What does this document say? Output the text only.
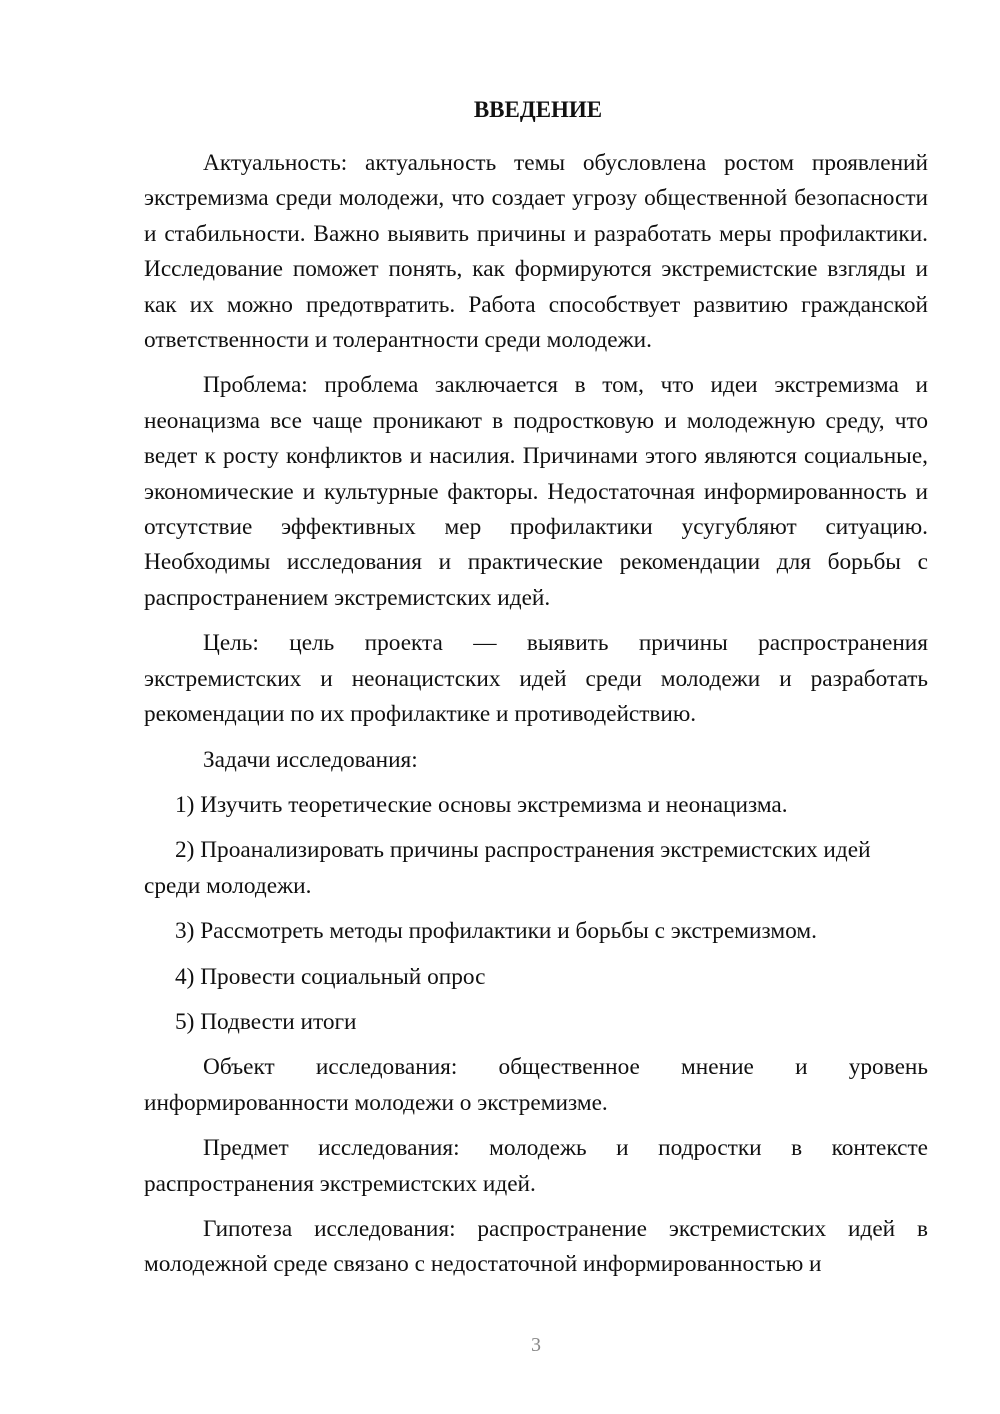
ВВЕДЕНИЕ

Актуальность: актуальность темы обусловлена ростом проявлений экстремизма среди молодежи, что создает угрозу общественной безопасности и стабильности. Важно выявить причины и разработать меры профилактики. Исследование поможет понять, как формируются экстремистские взгляды и как их можно предотвратить. Работа способствует развитию гражданской ответственности и толерантности среди молодежи.

Проблема: проблема заключается в том, что идеи экстремизма и неонацизма все чаще проникают в подростковую и молодежную среду, что ведет к росту конфликтов и насилия. Причинами этого являются социальные, экономические и культурные факторы. Недостаточная информированность и отсутствие эффективных мер профилактики усугубляют ситуацию. Необходимы исследования и практические рекомендации для борьбы с распространением экстремистских идей.

Цель: цель проекта — выявить причины распространения экстремистских и неонацистских идей среди молодежи и разработать рекомендации по их профилактике и противодействию.

Задачи исследования:

1) Изучить теоретические основы экстремизма и неонацизма.
2) Проанализировать причины распространения экстремистских идей среди молодежи.
3) Рассмотреть методы профилактики и борьбы с экстремизмом.
4) Провести социальный опрос
5) Подвести итоги

Объект исследования: общественное мнение и уровень информированности молодежи о экстремизме.

Предмет исследования: молодежь и подростки в контексте распространения экстремистских идей.

Гипотеза исследования: распространение экстремистских идей в молодежной среде связано с недостаточной информированностью и

3
